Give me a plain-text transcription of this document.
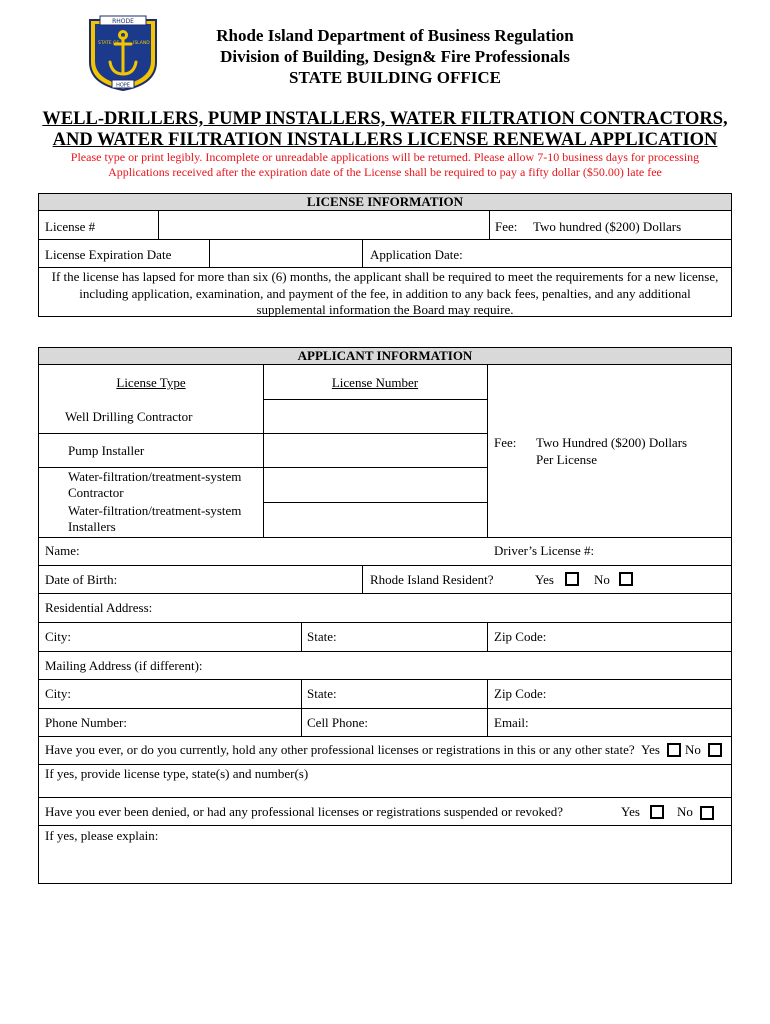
RHODE
STATE OF	ISLAND
HOPE
Rhode Island Department of Business Regulation
Division of Building, Design& Fire Professionals
STATE BUILDING OFFICE
WELL-DRILLERS, PUMP INSTALLERS, WATER FILTRATION CONTRACTORS,
AND WATER FILTRATION INSTALLERS LICENSE RENEWAL APPLICATION
Please type or print legibly. Incomplete or unreadable applications will be returned. Please allow 7-10 business days for processing
Applications received after the expiration date of the License shall be required to pay a fifty dollar ($50.00) late fee
LICENSE INFORMATION
License #	Fee: Two hundred ($200) Dollars
License Expiration Date	Application Date:
If the license has lapsed for more than six (6) months, the applicant shall be required to meet the requirements for a new license, including application, examination, and payment of the fee, in addition to any back fees, penalties, and any additional supplemental information the Board may require.
APPLICANT INFORMATION
License Type	License Number
Well Drilling Contractor
Pump Installer
Water-filtration/treatment-system Contractor
Water-filtration/treatment-system Installers
Fee: Two Hundred ($200) Dollars
Per License
Name:	Driver’s License #:
Date of Birth:	Rhode Island Resident?	Yes	No
Residential Address:
City:	State:	Zip Code:
Mailing Address (if different):
City:	State:	Zip Code:
Phone Number:	Cell Phone:	Email:
Have you ever, or do you currently, hold any other professional licenses or registrations in this or any other state? Yes No
If yes, provide license type, state(s) and number(s)
Have you ever been denied, or had any professional licenses or registrations suspended or revoked?	Yes	No
If yes, please explain:
